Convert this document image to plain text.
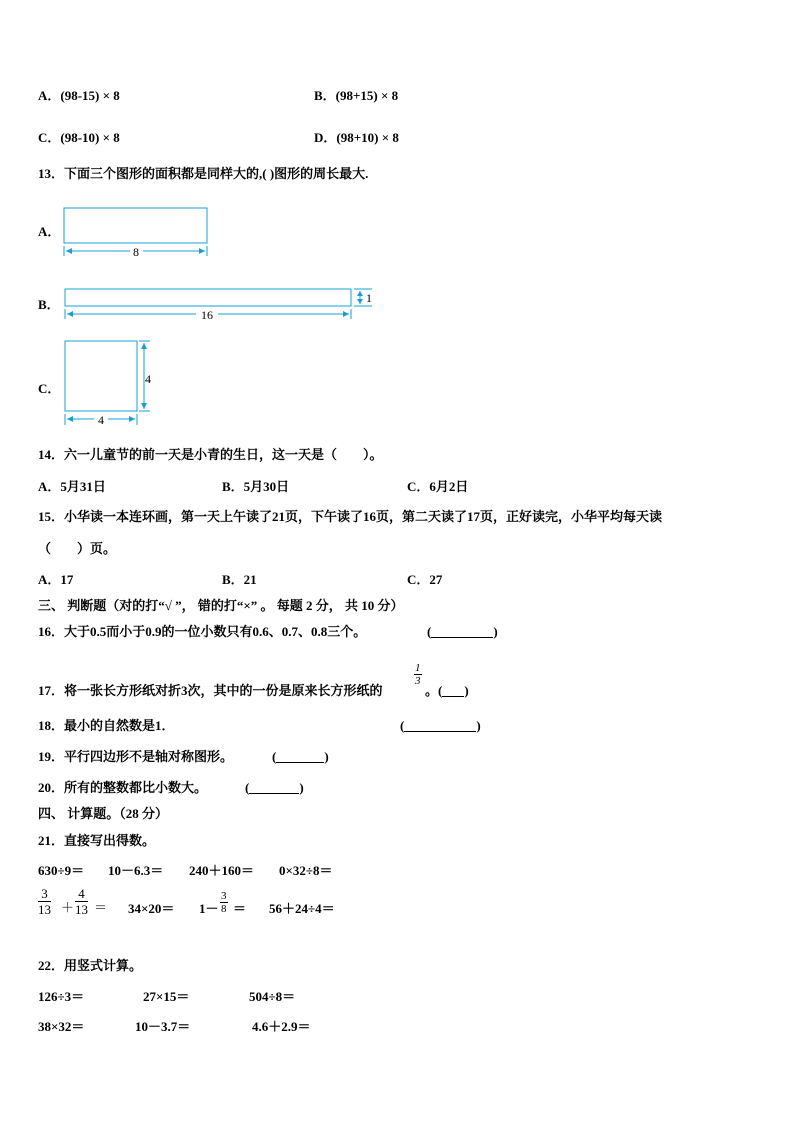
A．(98-15) × 8	B．(98+15) × 8
C．(98-10) × 8	D．(98+10) × 8
13．下面三个图形的面积都是同样大的,( )图形的周长最大.
A．
8
B．
16
1
C．
4
4
14．六一儿童节的前一天是小青的生日，这一天是（　　）。
A．5月31日	B．5月30日	C．6月2日
15．小华读一本连环画，第一天上午读了21页，下午读了16页，第二天读了17页，正好读完，小华平均每天读
（　　）页。
A．17	B．21	C．27
三、 判断题（对的打“√ ”， 错的打“×” 。 每题 2 分， 共 10 分）
16．大于0.5而小于0.9的一位小数只有0.6、0.7、0.8三个。	(	)
17．将一张长方形纸对折3次，其中的一份是原来长方形纸的
$\frac{1}{3}$
。( )
18．最小的自然数是1．	(	)
19．平行四边形不是轴对称图形。	(	)
20．所有的整数都比小数大。	(	)
四、 计算题。（28 分）
21．直接写出得数。
630÷9＝ 10－6.3＝ 240＋160＝ 0×32÷8＝
$\frac{3}{13} + \frac{4}{13} = 34\times 20= 1- \frac{3}{8} = 56+24\div 4=$
22．用竖式计算。
126÷3＝	27×15＝	504÷8＝
38×32＝	10－3.7＝	4.6＋2.9＝
